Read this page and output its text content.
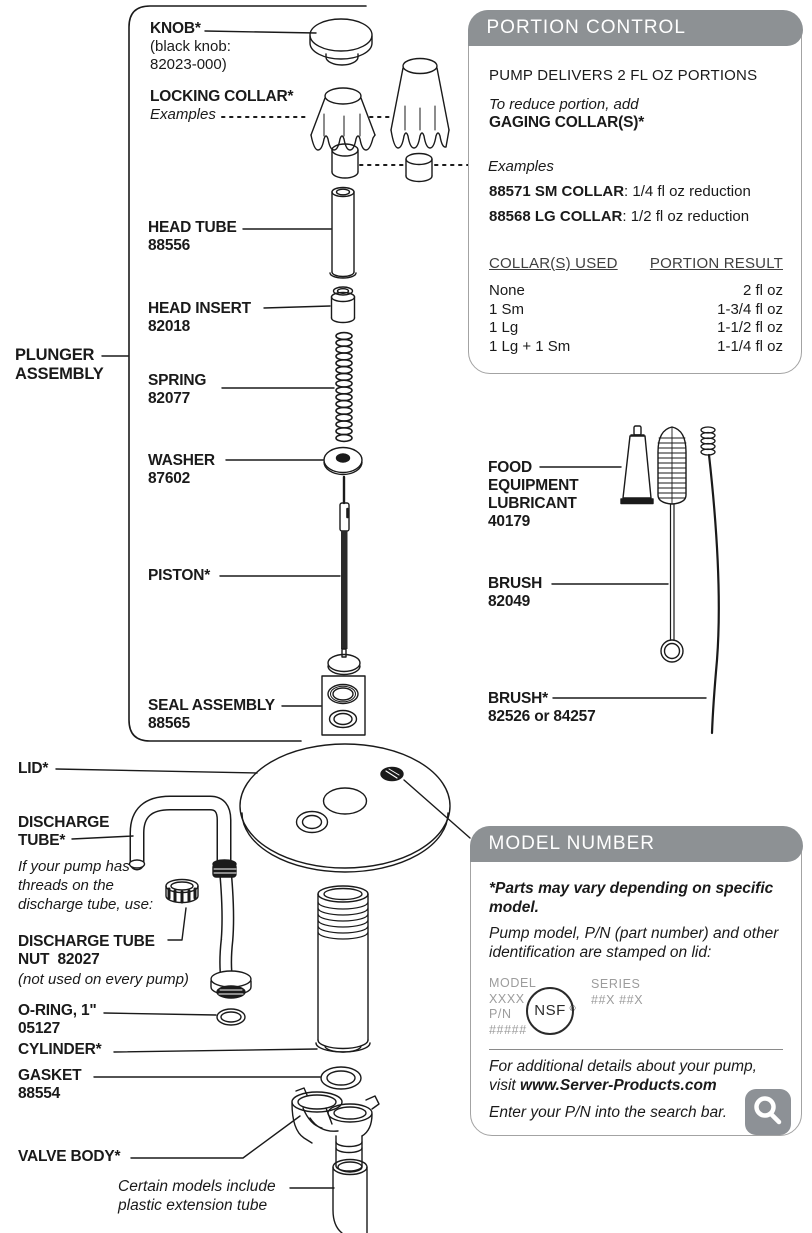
KNOB*
(black knob:
82023-000)
LOCKING COLLAR*
Examples
HEAD TUBE
88556
HEAD INSERT
82018
PLUNGER ASSEMBLY	SPRING
82077
WASHER
87602
PISTON*
SEAL ASSEMBLY
88565
LID*
DISCHARGE TUBE*
If your pump has threads on the discharge tube, use:
DISCHARGE TUBE
NUT  82027
(not used on every pump)
O-RING, 1"
05127
CYLINDER*
GASKET
88554
VALVE BODY*
Certain models include plastic extension tube
FOOD EQUIPMENT LUBRICANT
40179
BRUSH
82049
BRUSH*
82526 or 84257
PORTION CONTROL
PUMP DELIVERS 2 FL OZ PORTIONS
To reduce portion, add
GAGING COLLAR(S)*
Examples
88571 SM COLLAR: 1/4 fl oz reduction
88568 LG COLLAR: 1/2 fl oz reduction
COLLAR(S) USED PORTION RESULT
None	2 fl oz
1 Sm	1-3/4 fl oz
1 Lg	1-1/2 fl oz
1 Lg + 1 Sm	1-1/4 fl oz
MODEL NUMBER
*Parts may vary depending on specific model.
Pump model, P/N (part number) and other identification are stamped on lid:
MODEL
XXXX
P/N
#####
NSF ®
SERIES
##X ##X
For additional details about your pump,
visit www.Server-Products.com
Enter your P/N into the search bar.
